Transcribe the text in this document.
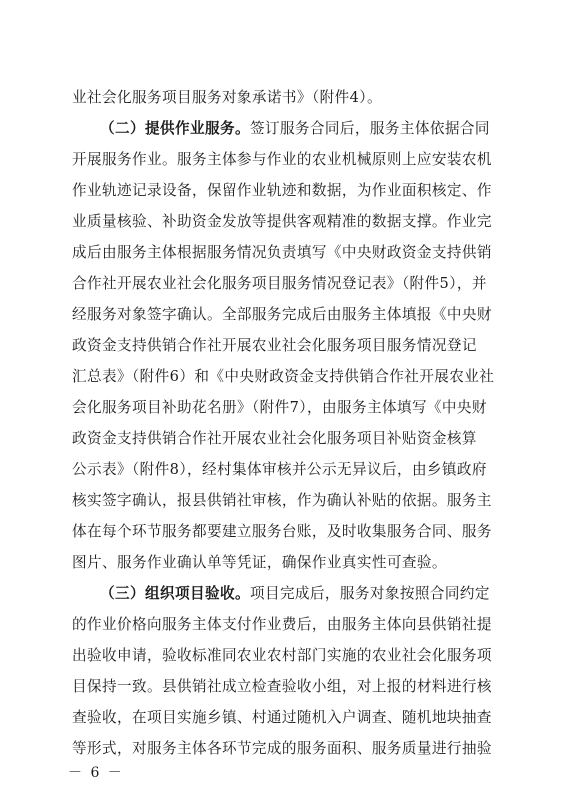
业社会化服务项目服务对象承诺书》（附件4）。
（二）提供作业服务。签订服务合同后，服务主体依据合同
开展服务作业。服务主体参与作业的农业机械原则上应安装农机
作业轨迹记录设备，保留作业轨迹和数据，为作业面积核定、作
业质量核验、补助资金发放等提供客观精准的数据支撑。作业完
成后由服务主体根据服务情况负责填写《中央财政资金支持供销
合作社开展农业社会化服务项目服务情况登记表》（附件5），并
经服务对象签字确认。全部服务完成后由服务主体填报《中央财
政资金支持供销合作社开展农业社会化服务项目服务情况登记
汇总表》（附件6）和《中央财政资金支持供销合作社开展农业社
会化服务项目补助花名册》（附件7），由服务主体填写《中央财
政资金支持供销合作社开展农业社会化服务项目补贴资金核算
公示表》（附件8），经村集体审核并公示无异议后，由乡镇政府
核实签字确认，报县供销社审核，作为确认补贴的依据。服务主
体在每个环节服务都要建立服务台账，及时收集服务合同、服务
图片、服务作业确认单等凭证，确保作业真实性可查验。
（三）组织项目验收。项目完成后，服务对象按照合同约定
的作业价格向服务主体支付作业费后，由服务主体向县供销社提
出验收申请，验收标准同农业农村部门实施的农业社会化服务项
目保持一致。县供销社成立检查验收小组，对上报的材料进行核
查验收，在项目实施乡镇、村通过随机入户调查、随机地块抽查
等形式，对服务主体各环节完成的服务面积、服务质量进行抽验
－ 6 －
